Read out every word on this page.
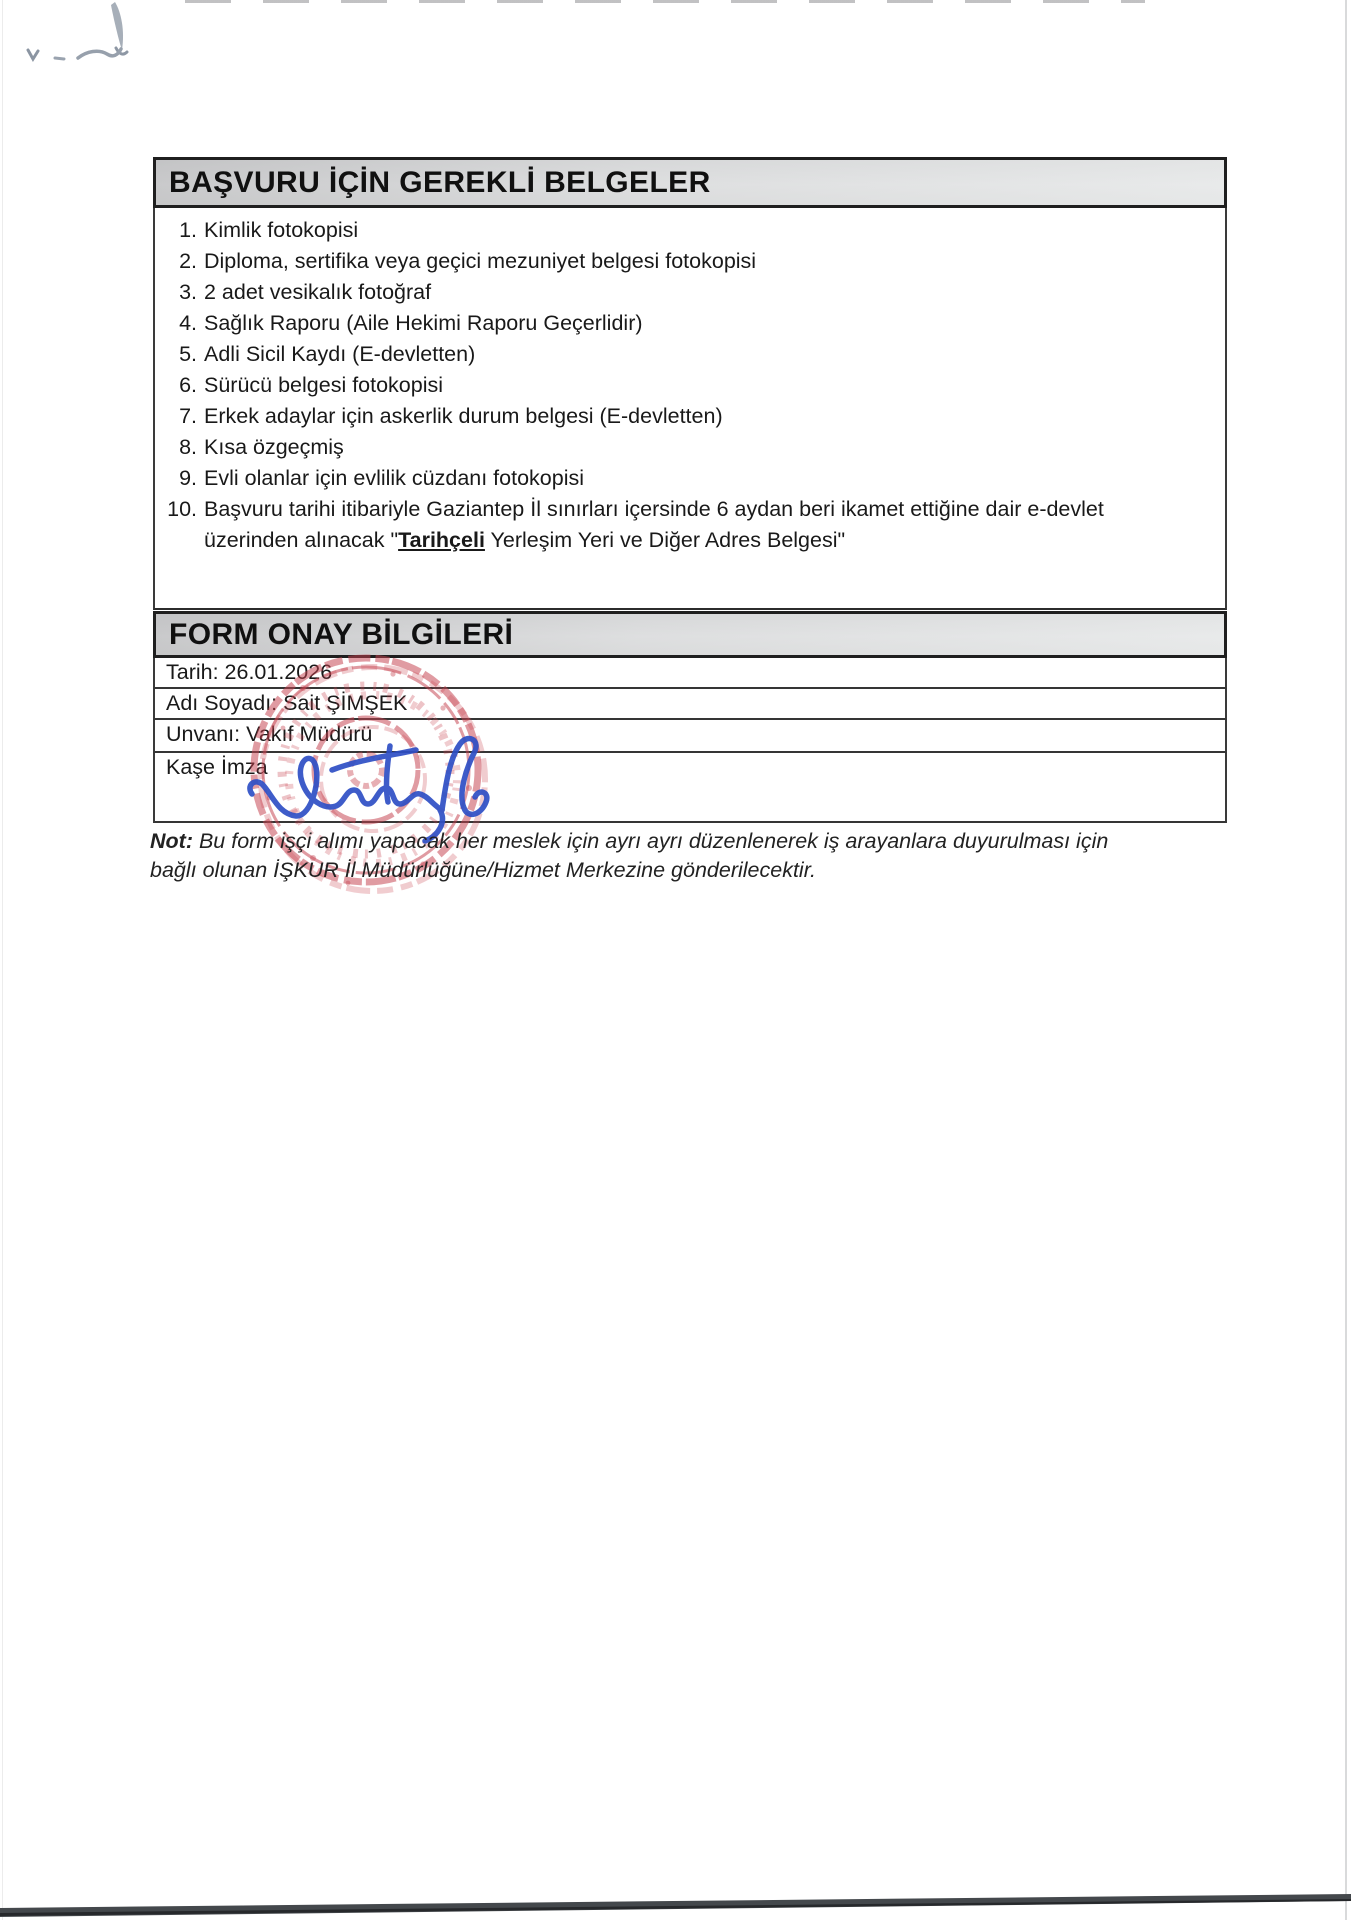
BAŞVURU İÇİN GEREKLİ BELGELER
1. Kimlik fotokopisi
2. Diploma, sertifika veya geçici mezuniyet belgesi fotokopisi
3. 2 adet vesikalık fotoğraf
4. Sağlık Raporu (Aile Hekimi Raporu Geçerlidir)
5. Adli Sicil Kaydı (E-devletten)
6. Sürücü belgesi fotokopisi
7. Erkek adaylar için askerlik durum belgesi (E-devletten)
8. Kısa özgeçmiş
9. Evli olanlar için evlilik cüzdanı fotokopisi
10. Başvuru tarihi itibariyle Gaziantep İl sınırları içersinde 6 aydan beri ikamet ettiğine dair e-devlet
üzerinden alınacak "Tarihçeli Yerleşim Yeri ve Diğer Adres Belgesi"
FORM ONAY BİLGİLERİ
Tarih: 26.01.2026
Adı Soyadı: Sait ŞİMŞEK
Unvanı: Vakıf Müdürü
Kaşe İmza
Not: Bu form işçi alımı yapacak her meslek için ayrı ayrı düzenlenerek iş arayanlara duyurulması için
bağlı olunan İŞKUR İl Müdürlüğüne/Hizmet Merkezine gönderilecektir.
